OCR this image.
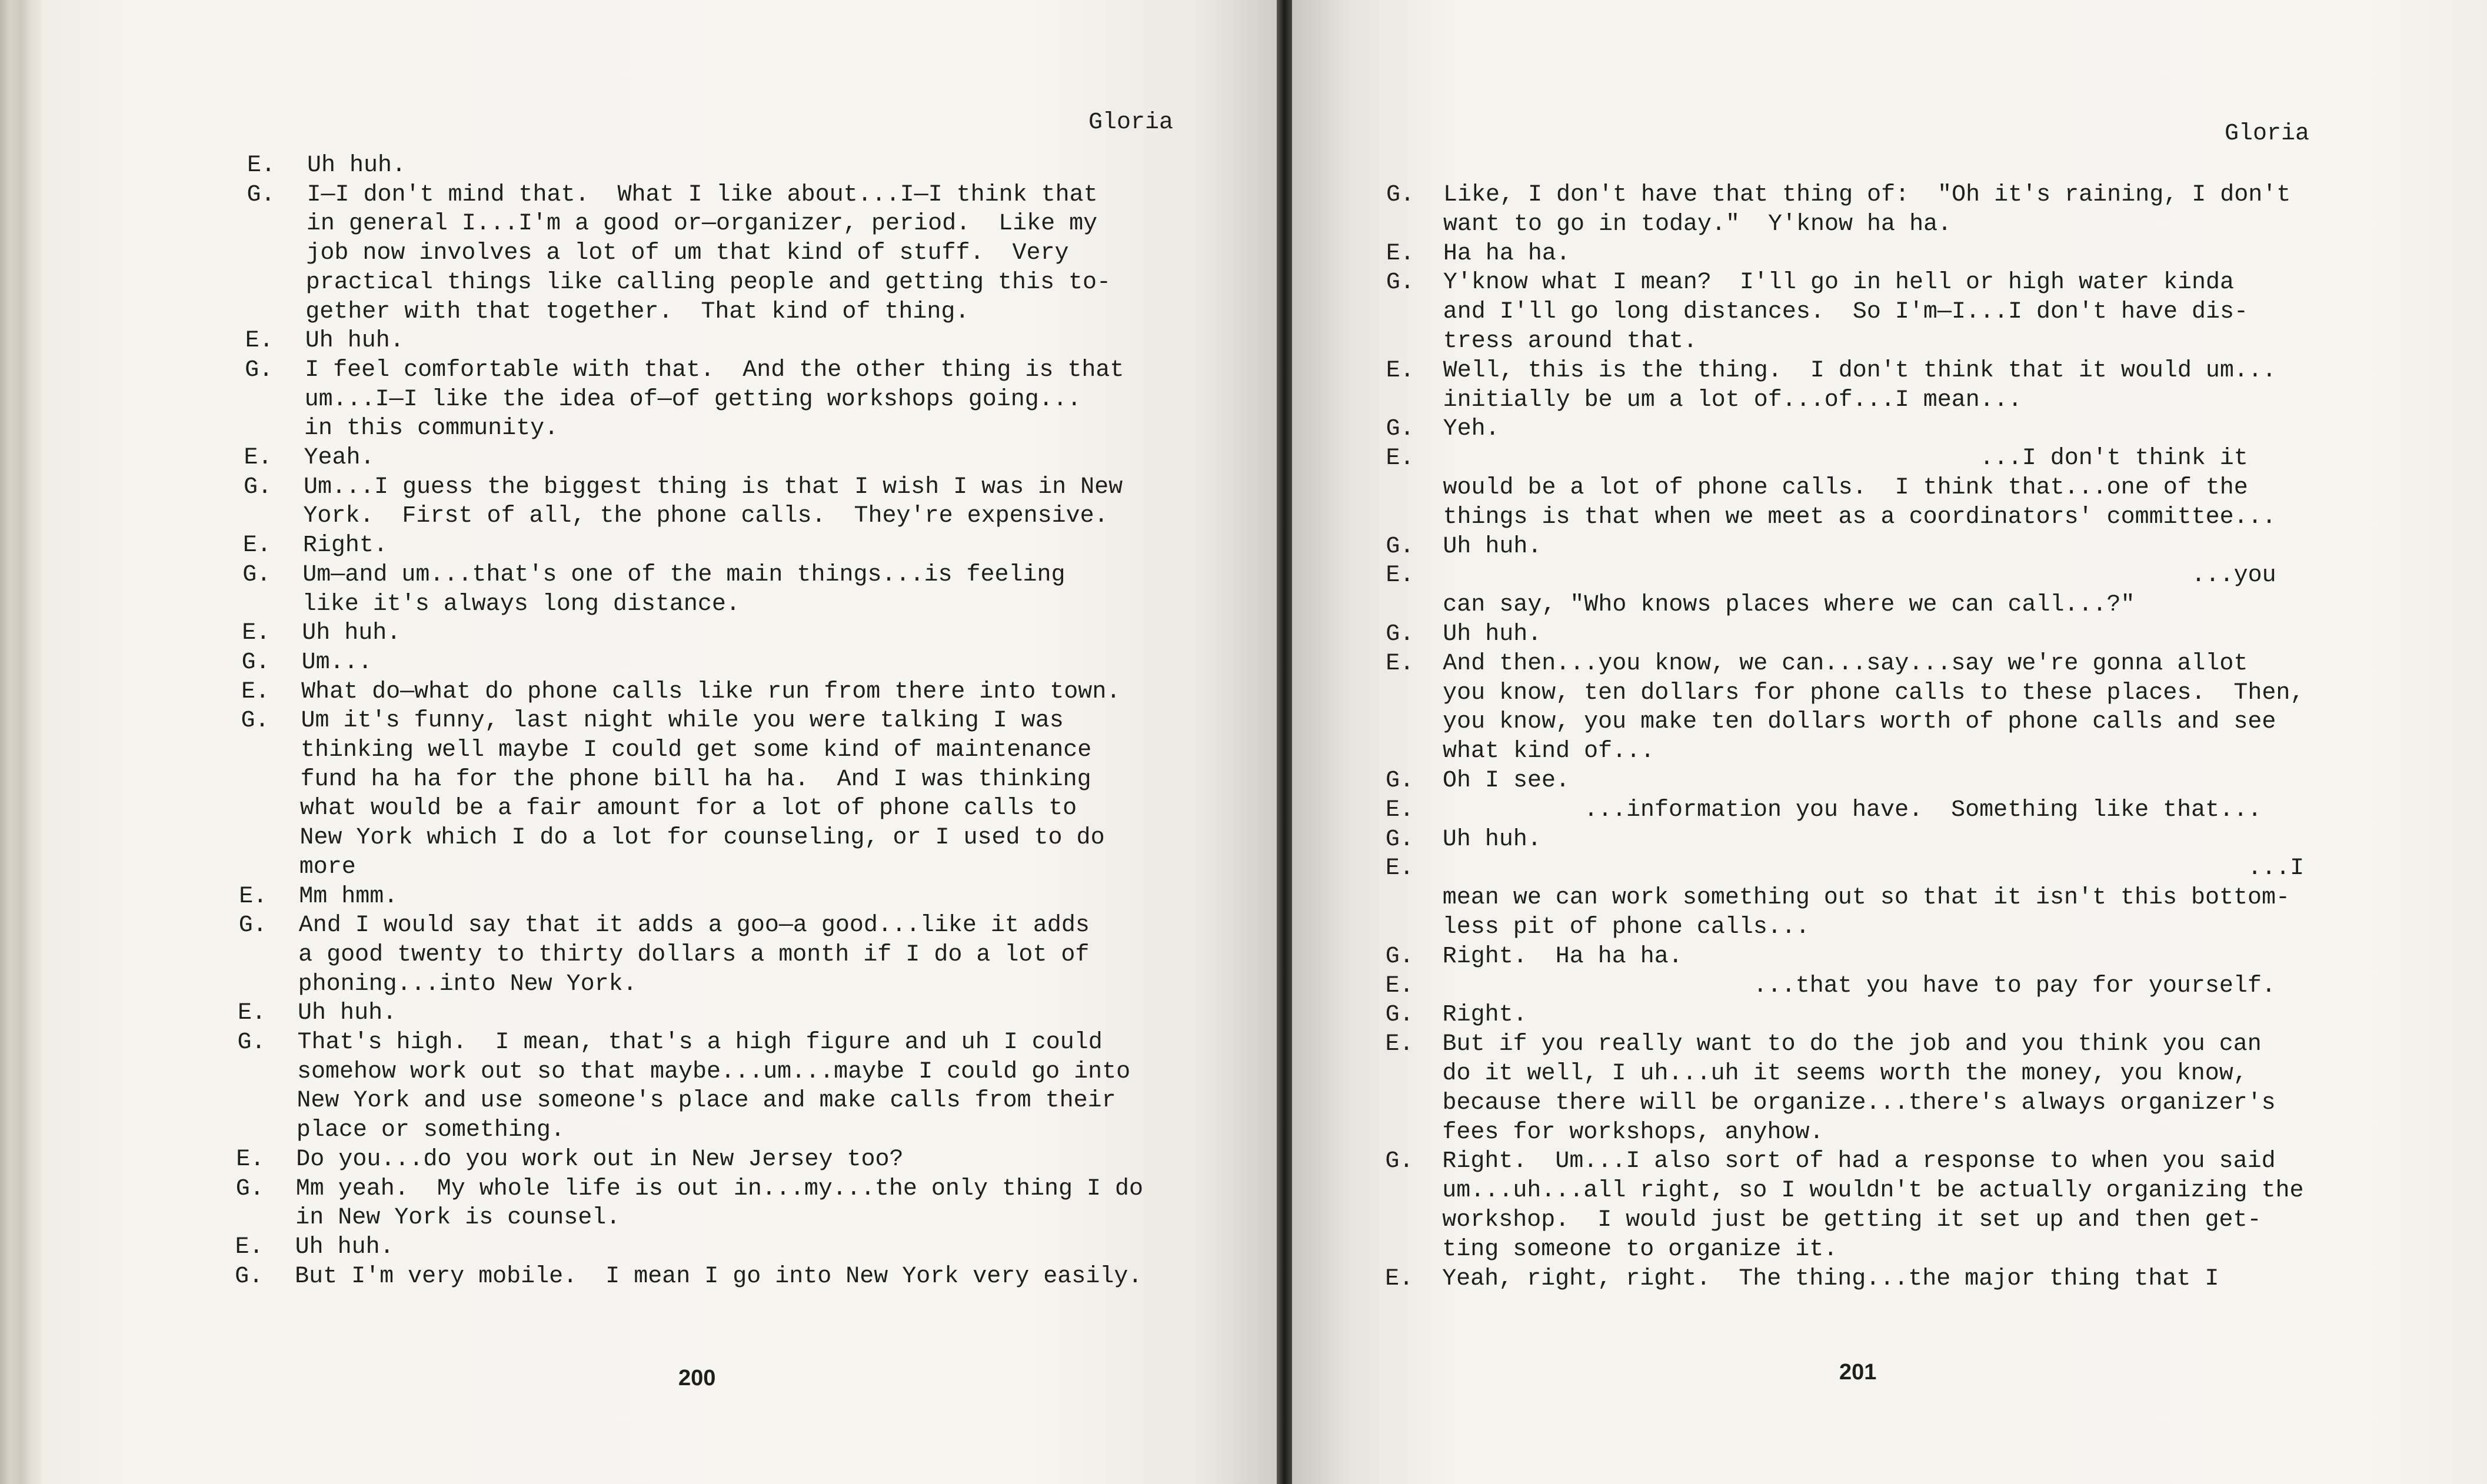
Gloria
E. Uh huh.
G. I—I don't mind that.  What I like about...I—I think that
in general I...I'm a good or—organizer, period.  Like my
job now involves a lot of um that kind of stuff.  Very
practical things like calling people and getting this to-
gether with that together.  That kind of thing.
E. Uh huh.
G. I feel comfortable with that.  And the other thing is that
um...I—I like the idea of—of getting workshops going...
in this community.
E. Yeah.
G. Um...I guess the biggest thing is that I wish I was in New
York.  First of all, the phone calls.  They're expensive.
E. Right.
G. Um—and um...that's one of the main things...is feeling
like it's always long distance.
E. Uh huh.
G. Um...
E. What do—what do phone calls like run from there into town.
G. Um it's funny, last night while you were talking I was
thinking well maybe I could get some kind of maintenance
fund ha ha for the phone bill ha ha.  And I was thinking
what would be a fair amount for a lot of phone calls to
New York which I do a lot for counseling, or I used to do
more
E. Mm hmm.
G. And I would say that it adds a goo—a good...like it adds
a good twenty to thirty dollars a month if I do a lot of
phoning...into New York.
E. Uh huh.
G. That's high.  I mean, that's a high figure and uh I could
somehow work out so that maybe...um...maybe I could go into
New York and use someone's place and make calls from their
place or something.
E. Do you...do you work out in New Jersey too?
G. Mm yeah.  My whole life is out in...my...the only thing I do
in New York is counsel.
E. Uh huh.
G. But I'm very mobile.  I mean I go into New York very easily.
200
Gloria
G. Like, I don't have that thing of:  "Oh it's raining, I don't
want to go in today."  Y'know ha ha.
E. Ha ha ha.
G. Y'know what I mean?  I'll go in hell or high water kinda
and I'll go long distances.  So I'm—I...I don't have dis-
tress around that.
E. Well, this is the thing.  I don't think that it would um...
initially be um a lot of...of...I mean...
G. Yeh.
E. ...I don't think it
would be a lot of phone calls.  I think that...one of the
things is that when we meet as a coordinators' committee...
G. Uh huh.
E. ...you
can say, "Who knows places where we can call...?"
G. Uh huh.
E. And then...you know, we can...say...say we're gonna allot
you know, ten dollars for phone calls to these places.  Then,
you know, you make ten dollars worth of phone calls and see
what kind of...
G. Oh I see.
E. ...information you have.  Something like that...
G. Uh huh.
E. ...I
mean we can work something out so that it isn't this bottom-
less pit of phone calls...
G. Right.  Ha ha ha.
E. ...that you have to pay for yourself.
G. Right.
E. But if you really want to do the job and you think you can
do it well, I uh...uh it seems worth the money, you know,
because there will be organize...there's always organizer's
fees for workshops, anyhow.
G. Right.  Um...I also sort of had a response to when you said
um...uh...all right, so I wouldn't be actually organizing the
workshop.  I would just be getting it set up and then get-
ting someone to organize it.
E. Yeah, right, right.  The thing...the major thing that I
201
